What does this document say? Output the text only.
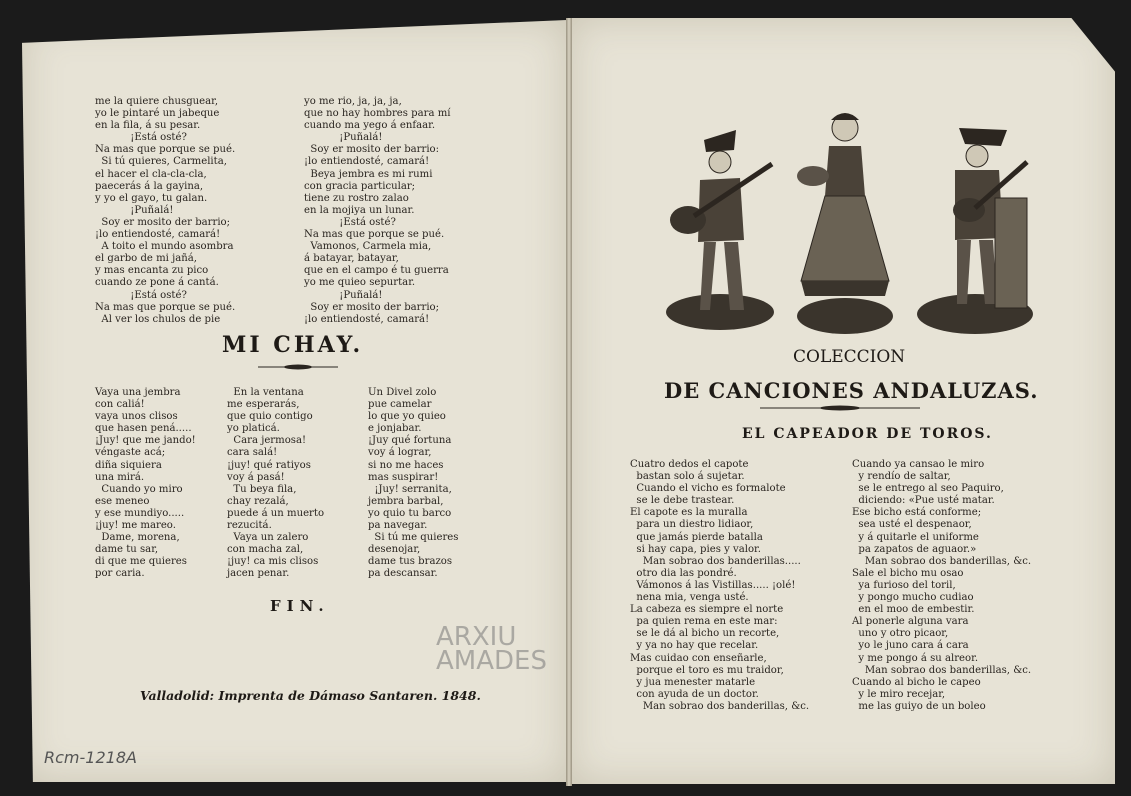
me la quiere chusguear,
yo le pintaré un jabeque
en la fila, á su pesar.
¡Está osté?
Na mas que porque se pué.
Si tú quieres, Carmelita,
el hacer el cla-cla-cla,
paecerás á la gayina,
y yo el gayo, tu galan.
¡Puñalá!
Soy er mosito der barrio;
¡lo entiendosté, camará!
A toito el mundo asombra
el garbo de mi jañá,
y mas encanta zu pico
cuando ze pone á cantá.
¡Está osté?
Na mas que porque se pué.
Al ver los chulos de pie
yo me rio, ja, ja, ja,
que no hay hombres para mí
cuando ma yego á enfaar.
¡Puñalá!
Soy er mosito der barrio:
¡lo entiendosté, camará!
Beya jembra es mi rumi
con gracia particular;
tiene zu rostro zalao
en la mojiya un lunar.
¡Está osté?
Na mas que porque se pué.
Vamonos, Carmela mia,
á batayar, batayar,
que en el campo é tu guerra
yo me quieo sepurtar.
¡Puñalá!
Soy er mosito der barrio;
¡lo entiendosté, camará!
MI CHAY.
Vaya una jembra
con caliá!
vaya unos clisos
que hasen pená.....
¡Juy! que me jando!
véngaste acá;
diña siquiera
una mirá.
Cuando yo miro
ese meneo
y ese mundiyo.....
¡juy! me mareo.
Dame, morena,
dame tu sar,
di que me quieres
por caria.
En la ventana
me esperarás,
que quio contigo
yo platicá.
Cara jermosa!
cara salá!
¡juy! qué ratiyos
voy á pasá!
Tu beya fila,
chay rezalá,
puede á un muerto
rezucitá.
Vaya un zalero
con macha zal,
¡juy! ca mis clisos
jacen penar.
Un Divel zolo
pue camelar
lo que yo quieo
e jonjabar.
¡Juy qué fortuna
voy á lograr,
si no me haces
mas suspirar!
¡Juy! serranita,
jembra barbal,
yo quio tu barco
pa navegar.
Si tú me quieres
desenojar,
dame tus brazos
pa descansar.
FIN.
Valladolid: Imprenta de Dámaso Santaren. 1848.
ARXIU
AMADES
Rcm-1218A
COLECCION
DE CANCIONES ANDALUZAS.
EL CAPEADOR DE TOROS.
Cuatro dedos el capote
bastan solo á sujetar.
Cuando el vicho es formalote
se le debe trastear.
El capote es la muralla
para un diestro lidiaor,
que jamás pierde batalla
si hay capa, pies y valor.
Man sobrao dos banderillas.....
otro dia las pondré.
Vámonos á las Vistillas..... ¡olé!
nena mia, venga usté.
La cabeza es siempre el norte
pa quien rema en este mar:
se le dá al bicho un recorte,
y ya no hay que recelar.
Mas cuidao con enseñarle,
porque el toro es mu traidor,
y jua menester matarle
con ayuda de un doctor.
Man sobrao dos banderillas, &c.
Cuando ya cansao le miro
y rendío de saltar,
se le entrego al seo Paquiro,
diciendo: «Pue usté matar.
Ese bicho está conforme;
sea usté el despenaor,
y á quitarle el uniforme
pa zapatos de aguaor.»
Man sobrao dos banderillas, &c.
Sale el bicho mu osao
ya furioso del toril,
y pongo mucho cudiao
en el moo de embestir.
Al ponerle alguna vara
uno y otro picaor,
yo le juno cara á cara
y me pongo á su alreor.
Man sobrao dos banderillas, &c.
Cuando al bicho le capeo
y le miro recejar,
me las guiyo de un boleo
